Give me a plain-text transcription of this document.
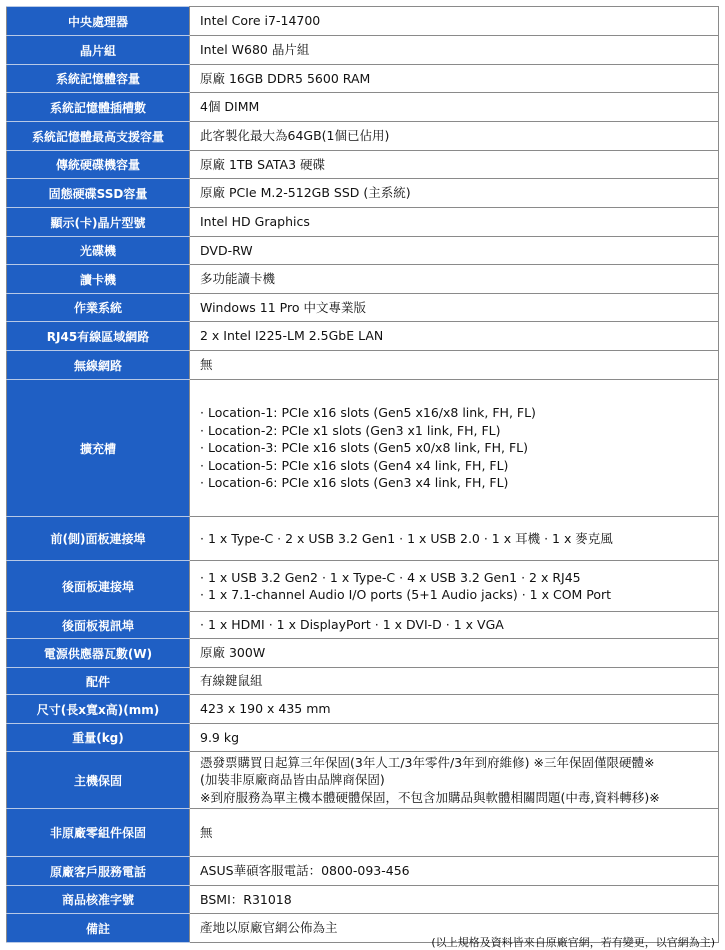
中央處理器	Intel Core i7-14700

晶片組	Intel W680 晶片組

系統記憶體容量	原廠 16GB DDR5 5600 RAM

系統記憶體插槽數	4個 DIMM

系統記憶體最高支援容量	此客製化最大為64GB(1個已佔用)

傳統硬碟機容量	原廠 1TB SATA3 硬碟

固態硬碟SSD容量	原廠 PCIe M.2-512GB SSD (主系統)

顯示(卡)晶片型號	Intel HD Graphics

光碟機	DVD-RW

讀卡機	多功能讀卡機

作業系統	Windows 11 Pro 中文專業版

RJ45有線區域網路	2 x Intel I225-LM 2.5GbE LAN

無線網路	無

擴充槽	· Location-1: PCIe x16 slots (Gen5 x16/x8 link, FH, FL)
· Location-2: PCIe x1 slots (Gen3 x1 link, FH, FL)
· Location-3: PCIe x16 slots (Gen5 x0/x8 link, FH, FL)
· Location-5: PCIe x16 slots (Gen4 x4 link, FH, FL)
· Location-6: PCIe x16 slots (Gen3 x4 link, FH, FL)

前(側)面板連接埠	· 1 x Type-C · 2 x USB 3.2 Gen1 · 1 x USB 2.0 · 1 x 耳機 · 1 x 麥克風

後面板連接埠	· 1 x USB 3.2 Gen2 · 1 x Type-C · 4 x USB 3.2 Gen1 · 2 x RJ45
· 1 x 7.1-channel Audio I/O ports (5+1 Audio jacks) · 1 x COM Port

後面板視訊埠	· 1 x HDMI · 1 x DisplayPort · 1 x DVI-D · 1 x VGA

電源供應器瓦數(W)	原廠 300W

配件	有線鍵鼠組

尺寸(長x寬x高)(mm)	423 x 190 x 435 mm

重量(kg)	9.9 kg

主機保固	憑發票購買日起算三年保固(3年人工/3年零件/3年到府維修) ※三年保固僅限硬體※
(加裝非原廠商品皆由品牌商保固)
※到府服務為單主機本體硬體保固，不包含加購品與軟體相關問題(中毒,資料轉移)※

非原廠零組件保固	無

原廠客戶服務電話	ASUS華碩客服電話：0800-093-456

商品核准字號	BSMI：R31018

備註	產地以原廠官網公佈為主
(以上規格及資料皆來自原廠官網，若有變更，以官網為主)
